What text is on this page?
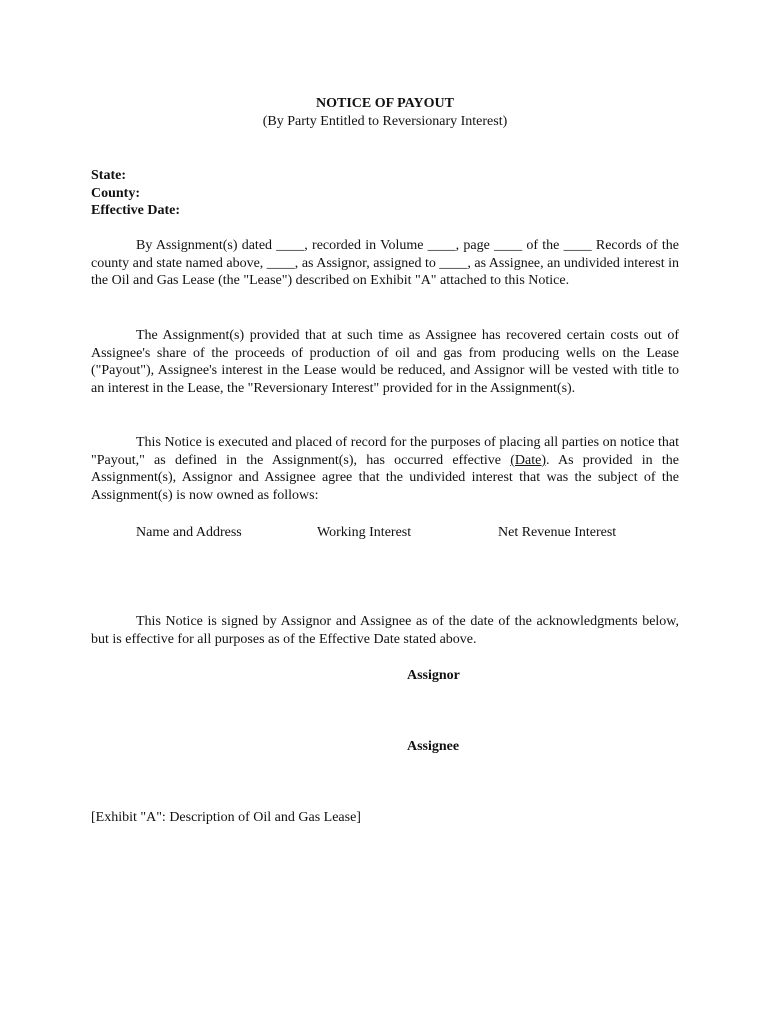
NOTICE OF PAYOUT
(By Party Entitled to Reversionary Interest)
State:
County:
Effective Date:

By Assignment(s) dated ____, recorded in Volume ____, page ____ of the ____ Records of the county and state named above, ____, as Assignor, assigned to ____, as Assignee, an undivided interest in the Oil and Gas Lease (the "Lease") described on Exhibit "A" attached to this Notice.

The Assignment(s) provided that at such time as Assignee has recovered certain costs out of Assignee's share of the proceeds of production of oil and gas from producing wells on the Lease ("Payout"), Assignee's interest in the Lease would be reduced, and Assignor will be vested with title to an interest in the Lease, the "Reversionary Interest" provided for in the Assignment(s).

This Notice is executed and placed of record for the purposes of placing all parties on notice that "Payout," as defined in the Assignment(s), has occurred effective (Date). As provided in the Assignment(s), Assignor and Assignee agree that the undivided interest that was the subject of the Assignment(s) is now owned as follows:

Name and Address	Working Interest	Net Revenue Interest

This Notice is signed by Assignor and Assignee as of the date of the acknowledgments below, but is effective for all purposes as of the Effective Date stated above.

Assignor
Assignee
[Exhibit "A": Description of Oil and Gas Lease]
